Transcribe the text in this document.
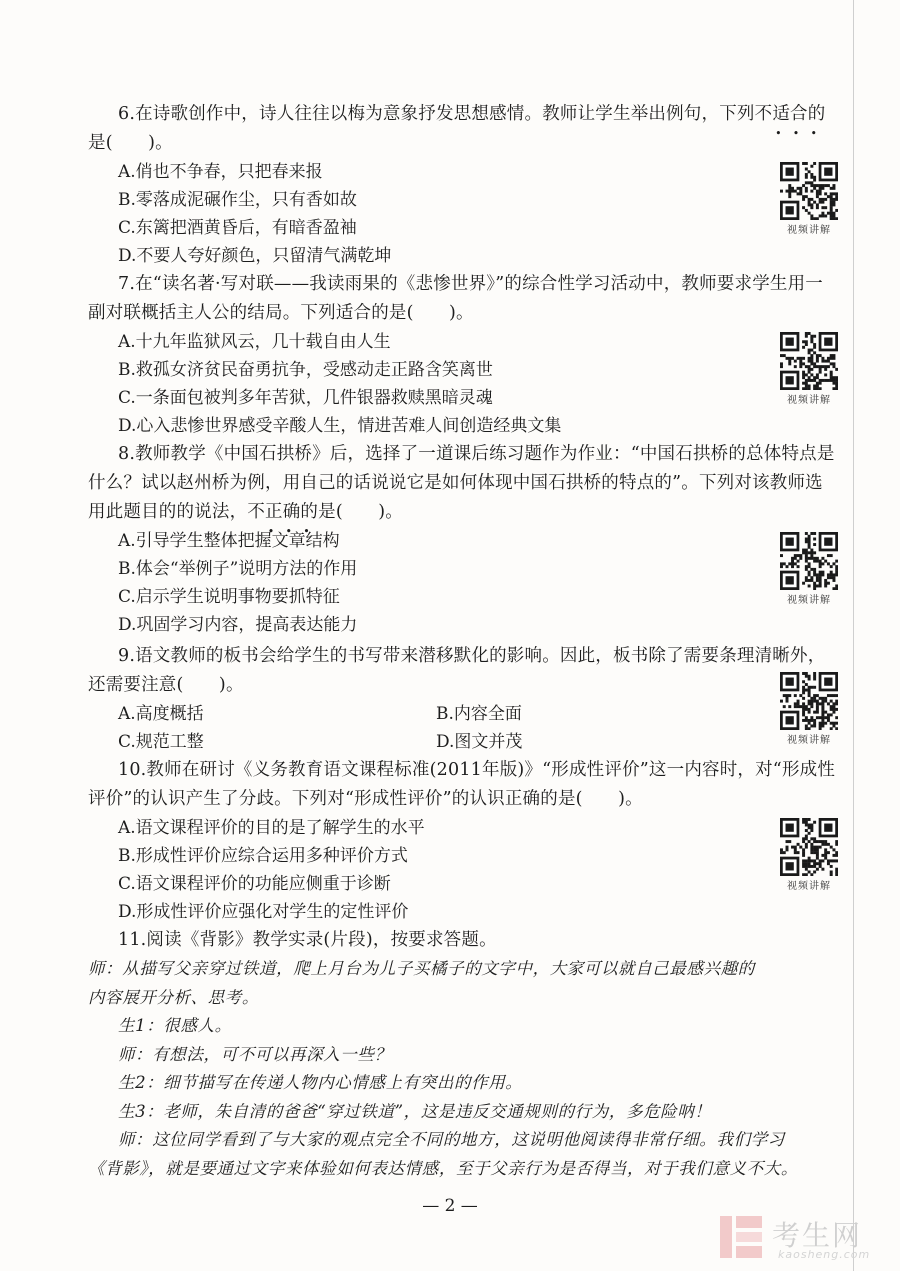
6.在诗歌创作中，诗人往往以梅为意象抒发思想感情。教师让学生举出例句，下列不适合的是(　　)。

A.俏也不争春，只把春来报

B.零落成泥碾作尘，只有香如故

C.东篱把酒黄昏后，有暗香盈袖

D.不要人夸好颜色，只留清气满乾坤

视频讲解

7.在“读名著·写对联——我读雨果的《悲惨世界》”的综合性学习活动中，教师要求学生用一副对联概括主人公的结局。下列适合的是(　　)。

A.十九年监狱风云，几十载自由人生

B.救孤女济贫民奋勇抗争，受感动走正路含笑离世

C.一条面包被判多年苦狱，几件银器救赎黑暗灵魂

D.心入悲惨世界感受辛酸人生，情进苦难人间创造经典文集

视频讲解

8.教师教学《中国石拱桥》后，选择了一道课后练习题作为作业：“中国石拱桥的总体特点是什么？试以赵州桥为例，用自己的话说说它是如何体现中国石拱桥的特点的”。下列对该教师选用此题目的的说法，不正确的是(　　)。

A.引导学生整体把握文章结构

B.体会“举例子”说明方法的作用

C.启示学生说明事物要抓特征

D.巩固学习内容，提高表达能力

视频讲解

9.语文教师的板书会给学生的书写带来潜移默化的影响。因此，板书除了需要条理清晰外，还需要注意(　　)。

A.高度概括	B.内容全面

C.规范工整	D.图文并茂	视频讲解

10.教师在研讨《义务教育语文课程标准(2011年版)》“形成性评价”这一内容时，对“形成性评价”的认识产生了分歧。下列对“形成性评价”的认识正确的是(　　)。

A.语文课程评价的目的是了解学生的水平

B.形成性评价应综合运用多种评价方式

C.语文课程评价的功能应侧重于诊断

D.形成性评价应强化对学生的定性评价

视频讲解

11.阅读《背影》教学实录(片段)，按要求答题。

师：从描写父亲穿过铁道，爬上月台为儿子买橘子的文字中，大家可以就自己最感兴趣的

内容展开分析、思考。

生1：很感人。

师：有想法，可不可以再深入一些？

生2：细节描写在传递人物内心情感上有突出的作用。

生3：老师，朱自清的爸爸“穿过铁道”，这是违反交通规则的行为，多危险呐！

师：这位同学看到了与大家的观点完全不同的地方，这说明他阅读得非常仔细。我们学习

《背影》，就是要通过文字来体验如何表达情感，至于父亲行为是否得当，对于我们意义不大。

— 2 —
考生网
kaosheng.com
